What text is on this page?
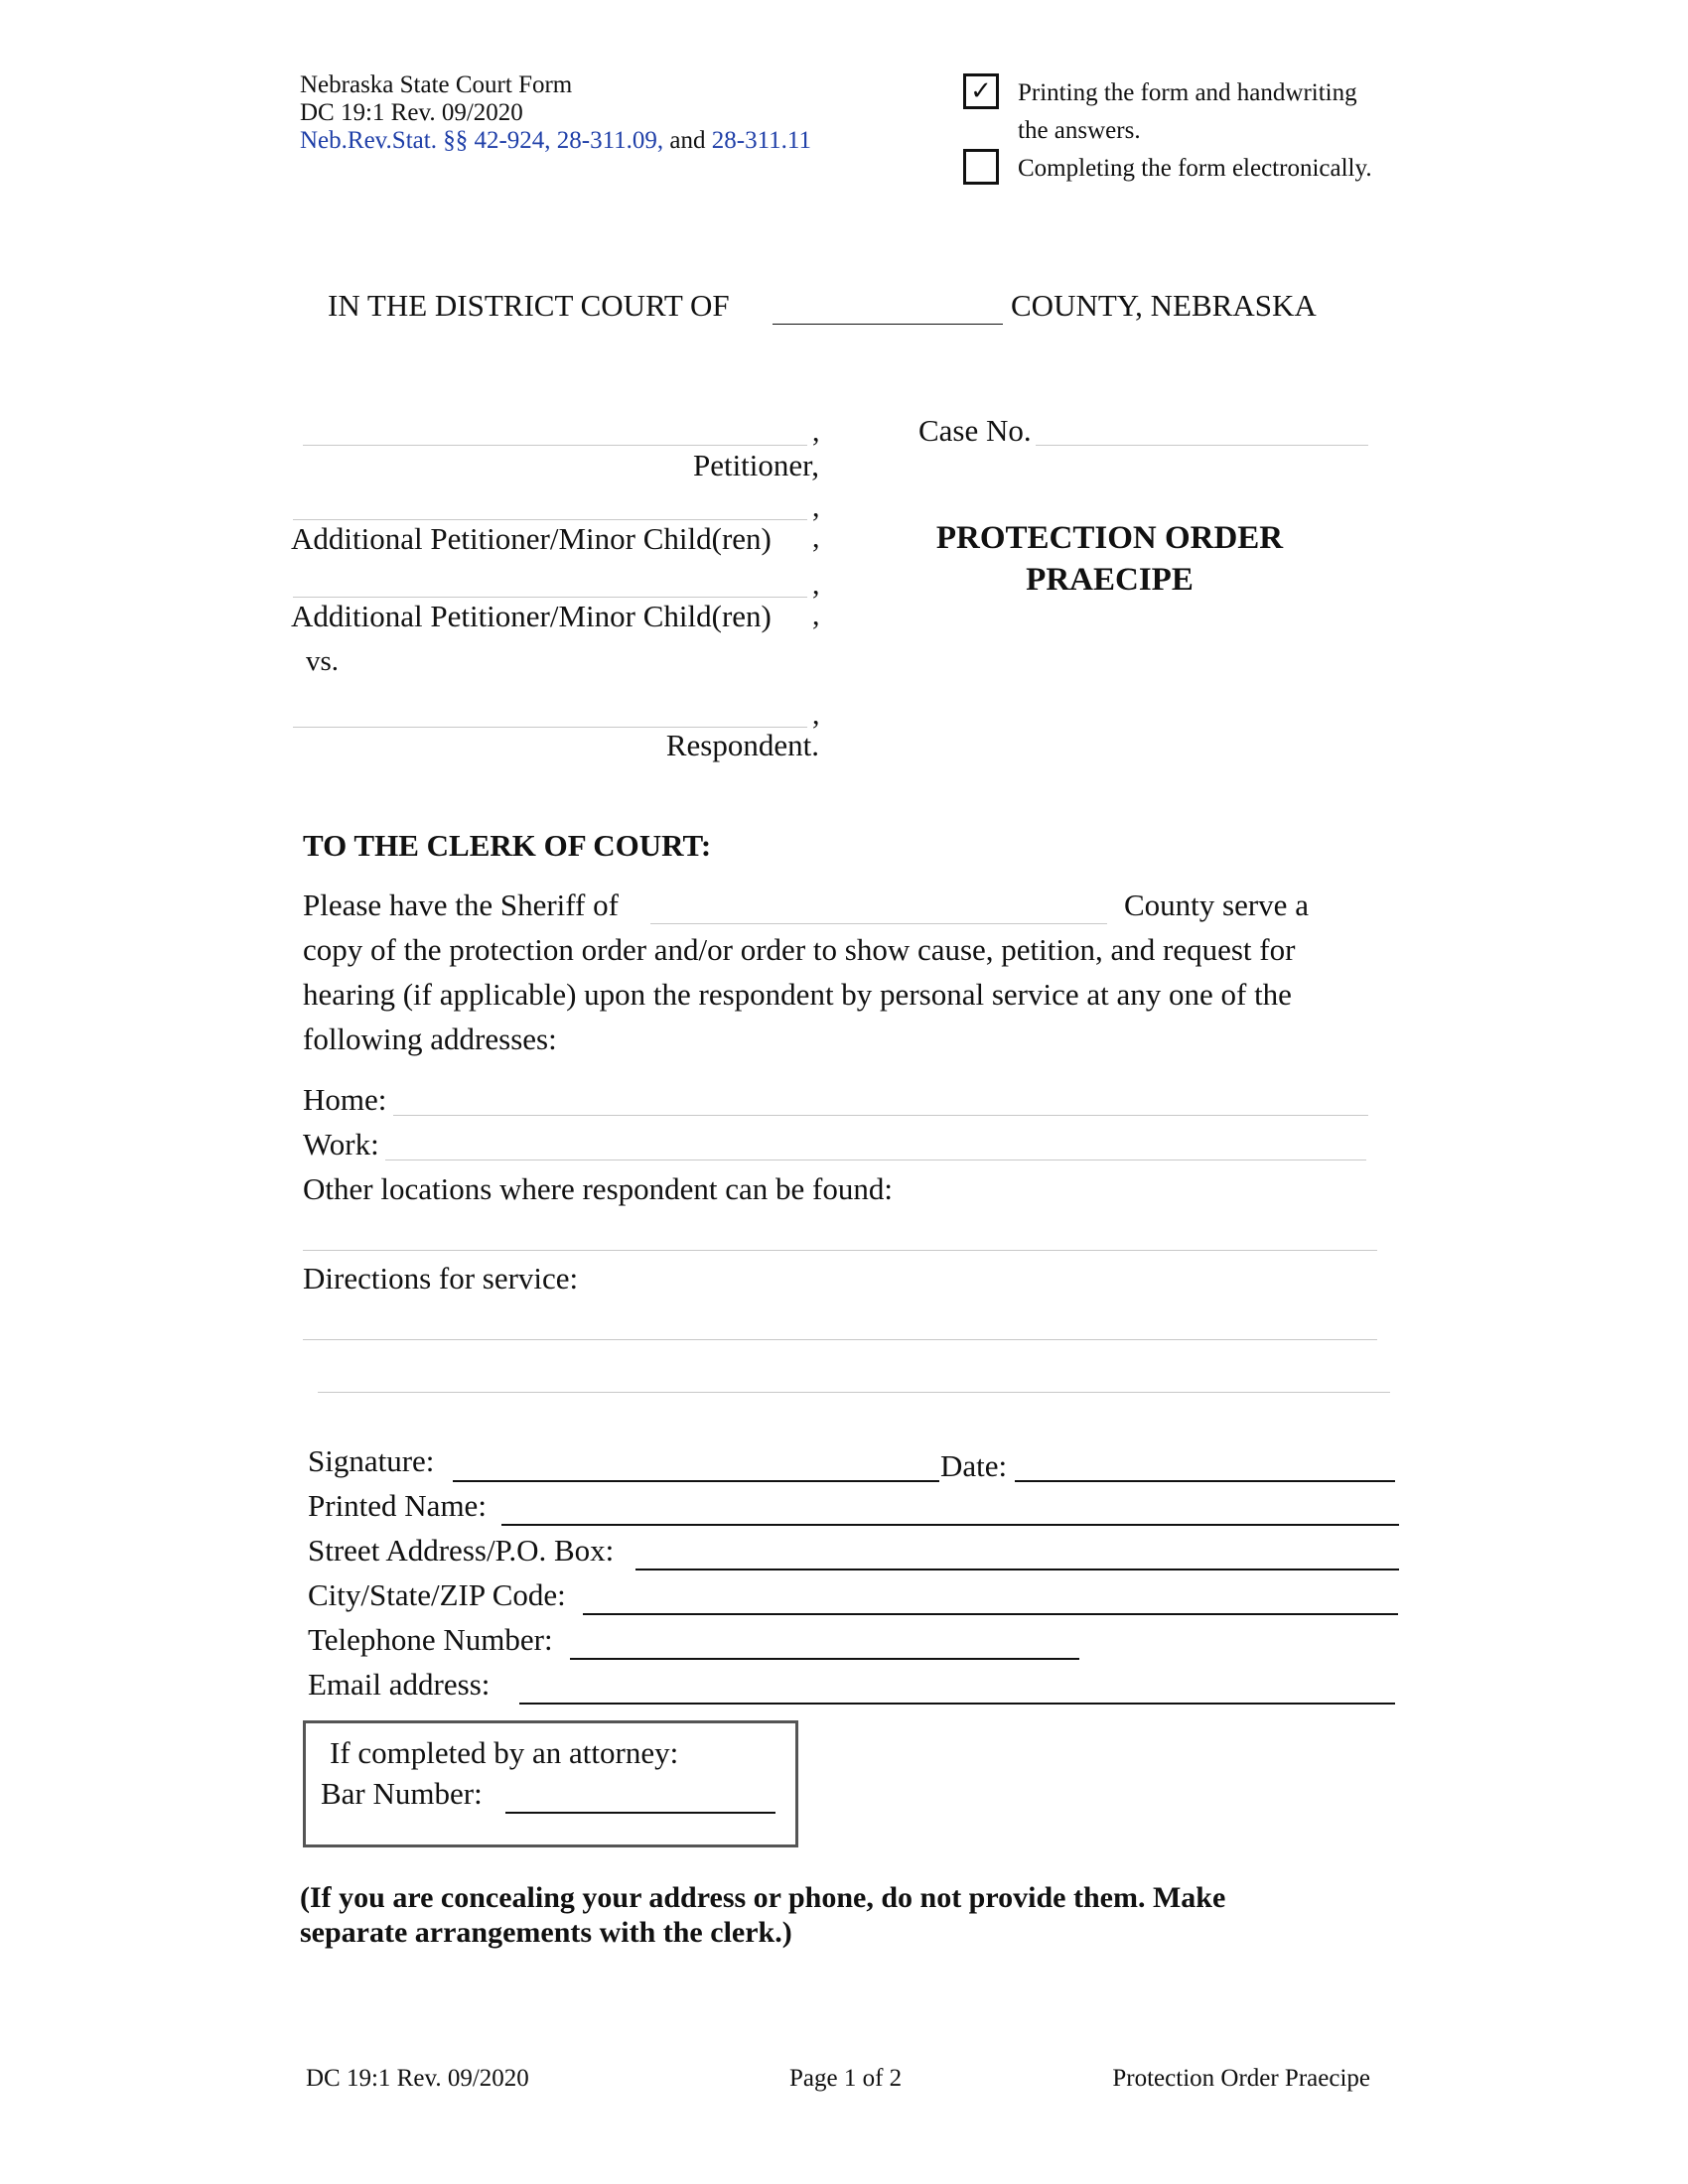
Nebraska State Court Form
DC 19:1 Rev. 09/2020
Neb.Rev.Stat. §§ 42-924, 28-311.09, and 28-311.11
✓ Printing the form and handwriting
the answers.
Completing the form electronically.
IN THE DISTRICT COURT OF	COUNTY, NEBRASKA
,
Petitioner,
,
Additional Petitioner/Minor Child(ren) ,
,
Additional Petitioner/Minor Child(ren) ,
vs.
,
Respondent.
Case No.
PROTECTION ORDER
PRAECIPE
TO THE CLERK OF COURT:
Please have the Sheriff of	County serve a
copy of the protection order and/or order to show cause, petition, and request for
hearing (if applicable) upon the respondent by personal service at any one of the
following addresses:
Home:
Work:
Other locations where respondent can be found:
Directions for service:
Signature:	Date:
Printed Name:
Street Address/P.O. Box:
City/State/ZIP Code:
Telephone Number:
Email address:
If completed by an attorney:
Bar Number:
(If you are concealing your address or phone, do not provide them. Make
separate arrangements with the clerk.)
DC 19:1 Rev. 09/2020	Page 1 of 2	Protection Order Praecipe
